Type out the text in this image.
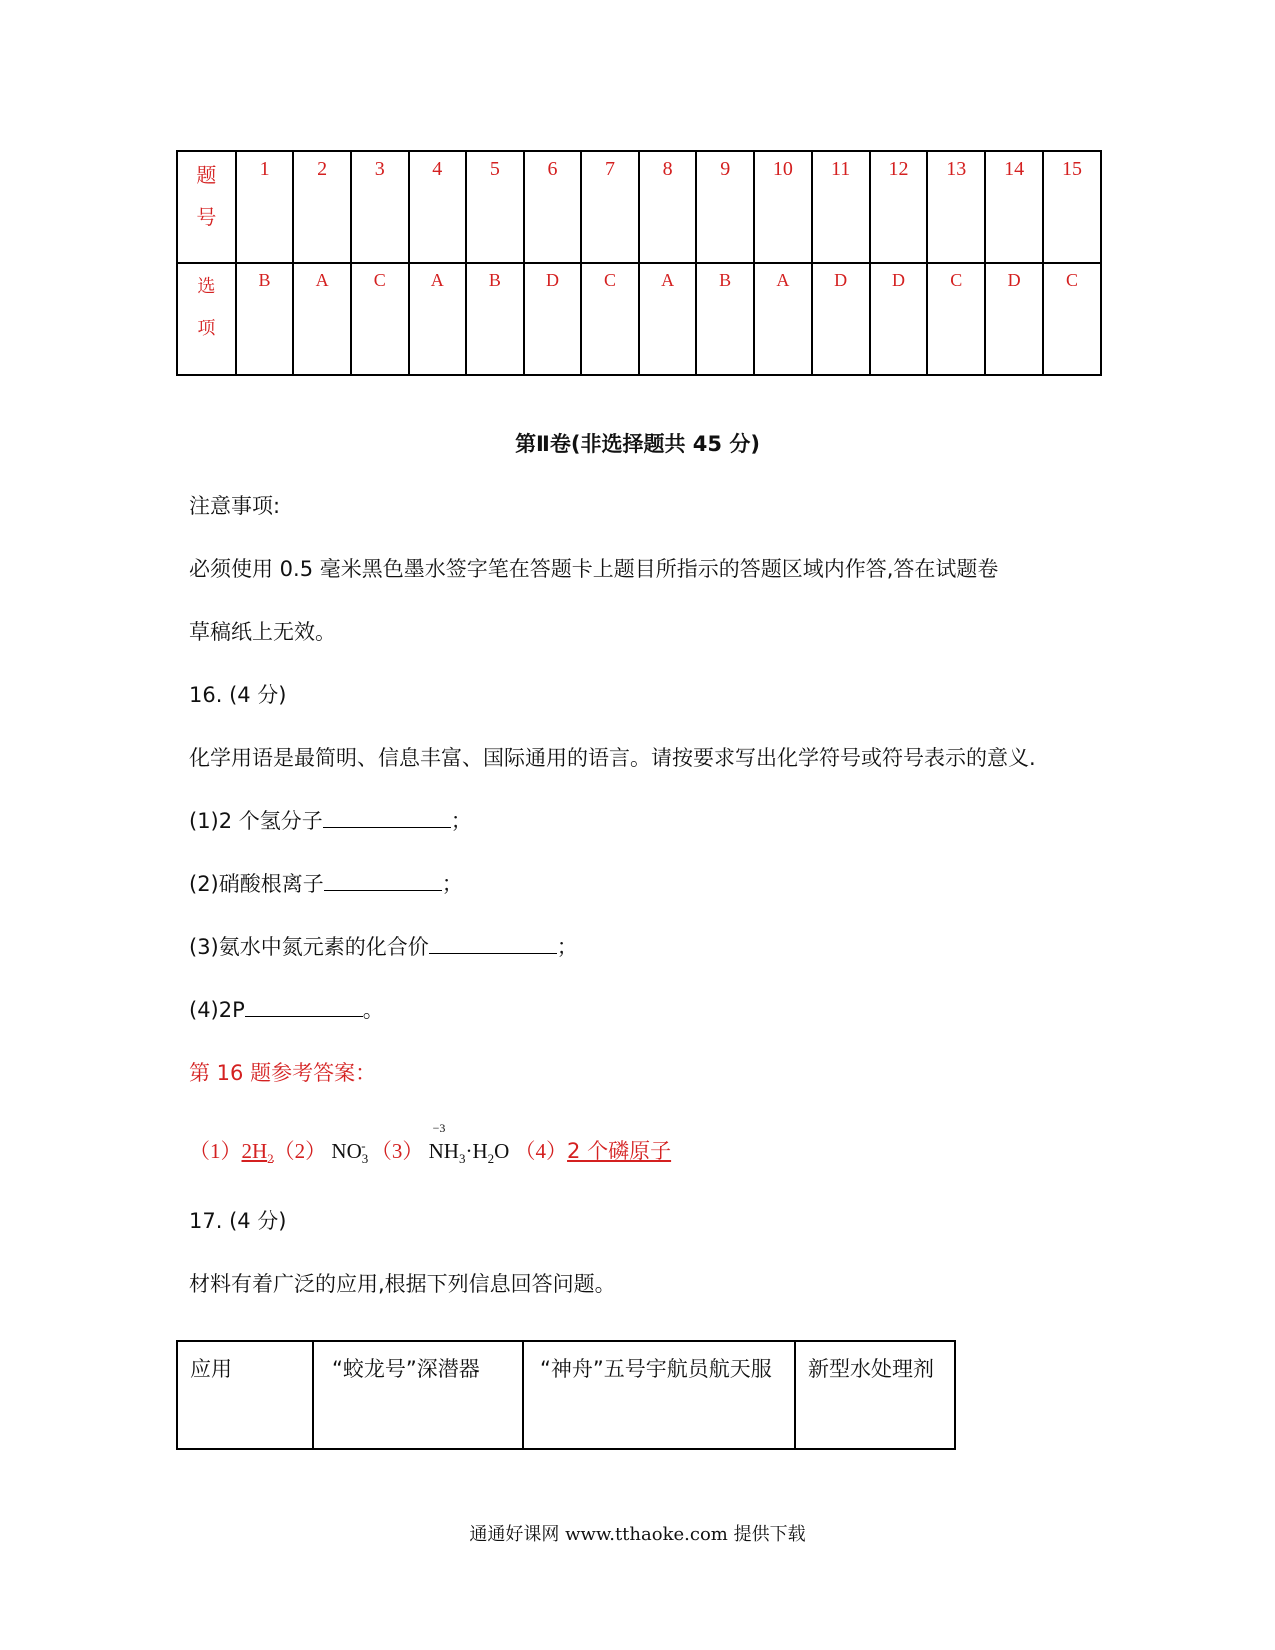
题
号	1	2	3	4	5	6	7	8	9	10	11	12	13	14	15
选
项	B	A	C	A	B	D	C	A	B	A	D	D	C	D	C
第Ⅱ卷(非选择题共 45 分)
注意事项:
必须使用 0.5 毫米黑色墨水签字笔在答题卡上题目所指示的答题区域内作答,答在试题卷
草稿纸上无效。
16. (4 分)
化学用语是最简明、信息丰富、国际通用的语言。请按要求写出化学符号或符号表示的意义.
(1)2 个氢分子	；
(2)硝酸根离子	；
(3)氨水中氮元素的化合价	；
(4)2P	。
第 16 题参考答案：
$(1)2H_2(2)$ $NO_3^-$ （3）
−3
$NH_3\cdot H_2O$ （4）2 个磷原子
17. (4 分)
材料有着广泛的应用,根据下列信息回答问题。
应用	“蛟龙号”深潜器	“神舟”五号宇航员航天服	新型水处理剂
通通好课网 www.tthaoke.com 提供下载
